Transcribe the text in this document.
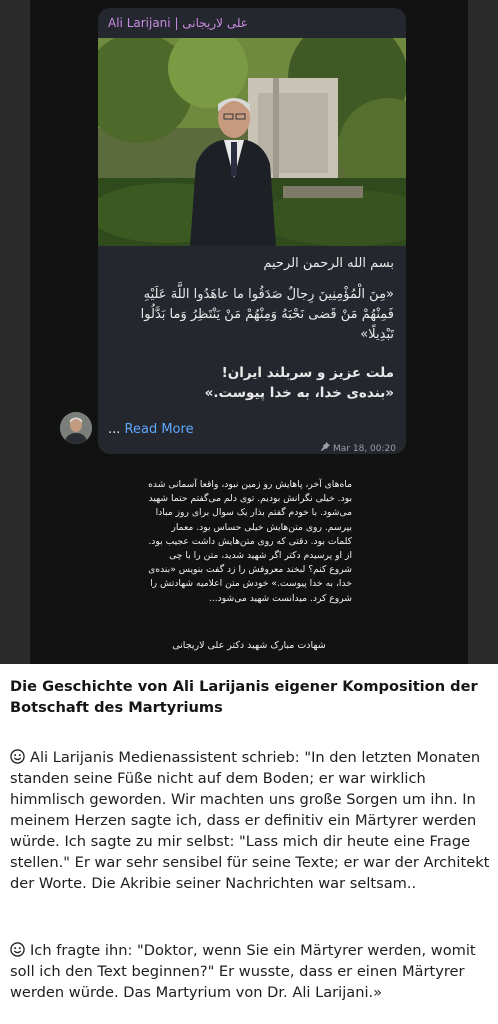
Ali Larijani | علی لاریجانی
بسم الله الرحمن الرحیم
«مِنَ الْمُؤْمِنِينَ رِجالٌ صَدَقُوا ما عاهَدُوا اللَّهَ عَلَيْهِ فَمِنْهُمْ مَنْ قَضى نَحْبَهُ وَمِنْهُمْ مَنْ يَنْتَظِرُ وَما بَدَّلُوا تَبْدِيلًا»
ملت عزیز و سربلند ایران!
«بنده‌ی خدا، به خدا پیوست.»
... Read More
Mar 18, 00:20
ماه‌های آخر، پاهایش رو زمین نبود، واقعا آسمانی شده بود. خیلی نگرانش بودیم. توی دلم می‌گفتم حتما شهید می‌شود. با خودم گفتم بذار یک سوال برای روز مبادا بپرسم. روی متن‌هایش خیلی حساس بود. معمار کلمات بود. دقتی که روی متن‌هایش داشت عجیب بود. از او پرسیدم دکتر اگر شهید شدید، متن را با چی شروع کنم؟ لبخند معروفش را زد گفت بنویس «بنده‌ی خدا، به خدا پیوست.» خودش متن اعلامیه شهادتش را شروع کرد. میدانست شهید می‌شود...
شهادت مبارک شهید دکتر علی لاریجانی
Die Geschichte von Ali Larijanis eigener Komposition der Botschaft des Martyriums
Ali Larijanis Medienassistent schrieb: "In den letzten Monaten standen seine Füße nicht auf dem Boden; er war wirklich himmlisch geworden. Wir machten uns große Sorgen um ihn. In meinem Herzen sagte ich, dass er definitiv ein Märtyrer werden würde. Ich sagte zu mir selbst: "Lass mich dir heute eine Frage stellen." Er war sehr sensibel für seine Texte; er war der Architekt der Worte. Die Akribie seiner Nachrichten war seltsam..
Ich fragte ihn: "Doktor, wenn Sie ein Märtyrer werden, womit soll ich den Text beginnen?" Er wusste, dass er einen Märtyrer werden würde. Das Martyrium von Dr. Ali Larijani.»
